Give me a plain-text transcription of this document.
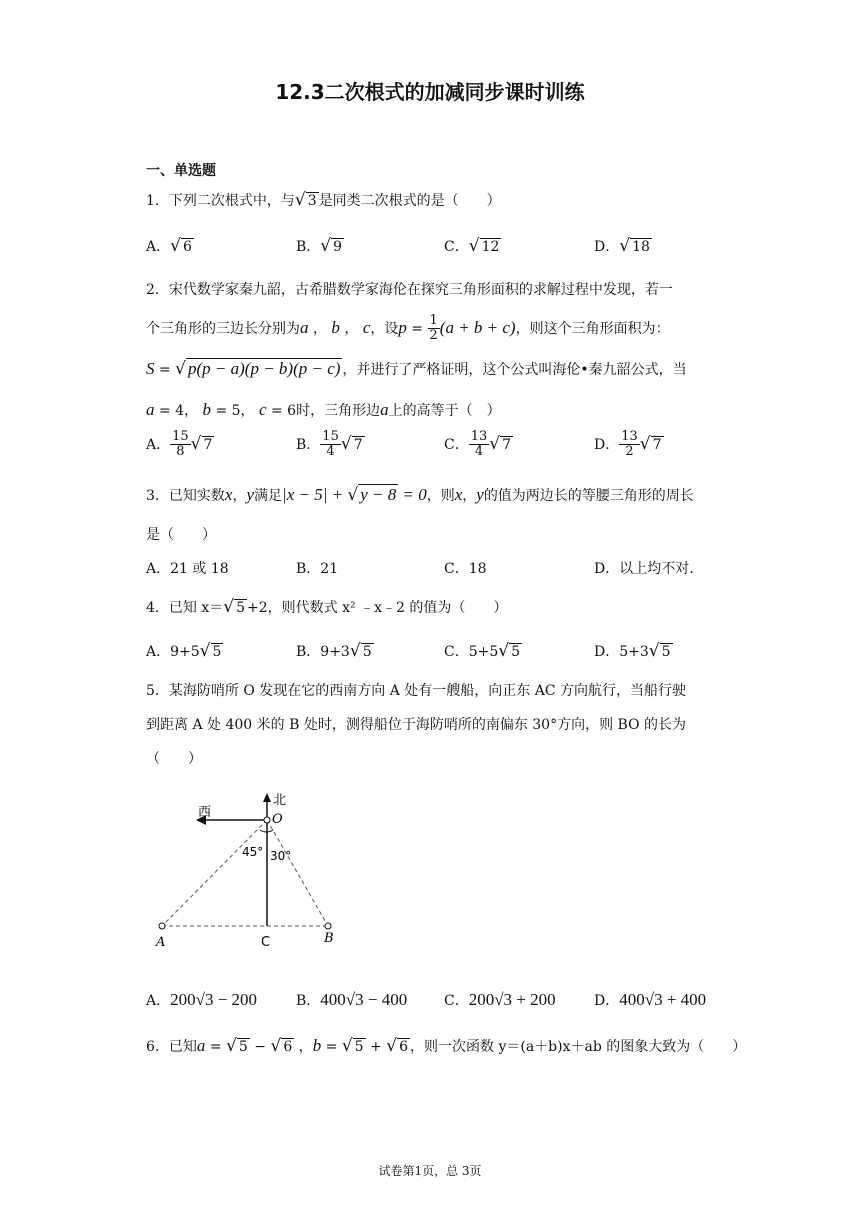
12.3二次根式的加减同步课时训练
一、单选题
1．下列二次根式中，与√ 3 是同类二次根式的是（　　）
A．√ 6	B．√ 9	C．√ 12	D．√ 18
2．宋代数学家秦九韶，古希腊数学家海伦在探究三角形面积的求解过程中发现，若一
个三角形的三边长分别为a ， b ， c，设$p = \frac{1}{2} (a + b + c)$，则这个三角形面积为：
S = √ p(p − a)(p − b)(p − c) ，并进行了严格证明，这个公式叫海伦•秦九韶公式，当
a = 4， b = 5， c = 6时，三角形边a上的高等于（　）
A． $\frac{15}{8}$ √ 7	B． $\frac{15}{4}$ √ 7	C． $\frac{13}{4}$ √ 7	D． $\frac{13}{2}$ √ 7
3．已知实数x，y满足|x − 5| + √ y − 8 = 0，则x，y的值为两边长的等腰三角形的周长
是（　　）
A．21 或 18	B．21	C．18	D．以上均不对.
4．已知 x＝√ 5 +2，则代数式 x² ﹣x﹣2 的值为（　　）
A．9+5√ 5	B．9+3√ 5	C．5+5√ 5	D．5+3√ 5
5．某海防哨所 O 发现在它的西南方向 A 处有一艘船，向正东 AC 方向航行，当船行驶
到距离 A 处 400 米的 B 处时，测得船位于海防哨所的南偏东 30°方向，则 BO 的长为
（　　）
西
北
O
45° 30°
A	C	B
A．200√3 − 200	B．400√3 − 400	C．200√3 + 200	D．400√3 + 400
6．已知a = √ 5 − √ 6 ，b = √ 5 + √ 6 ，则一次函数 y＝(a＋b)x＋ab 的图象大致为（　　）
试卷第1页，总 3页
